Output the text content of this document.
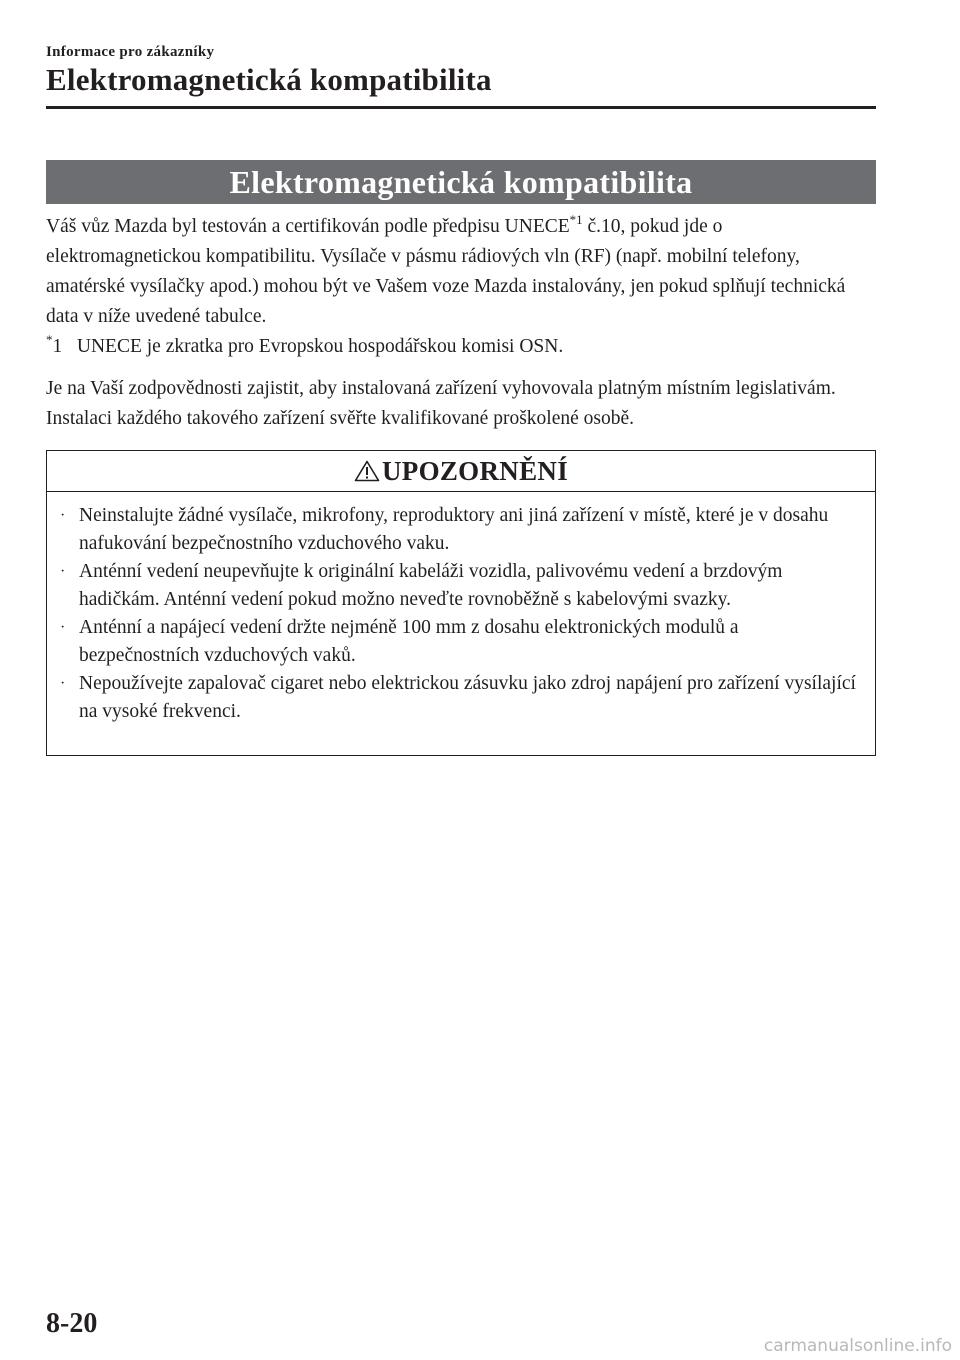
Informace pro zákazníky
Elektromagnetická kompatibilita
Elektromagnetická kompatibilita

Váš vůz Mazda byl testován a certifikován podle předpisu UNECE$^{*1}$ č.10, pokud jde o elektromagnetickou kompatibilitu. Vysílače v pásmu rádiových vln (RF) (např. mobilní telefony, amatérské vysílačky apod.) mohou být ve Vašem voze Mazda instalovány, jen pokud splňují technická data v níže uvedené tabulce.

*1   UNECE je zkratka pro Evropskou hospodářskou komisi OSN.

Je na Vaší zodpovědnosti zajistit, aby instalovaná zařízení vyhovovala platným místním legislativám. Instalaci každého takového zařízení svěřte kvalifikované proškolené osobě.

UPOZORNĚNÍ
· Neinstalujte žádné vysílače, mikrofony, reproduktory ani jiná zařízení v místě, které je v dosahu nafukování bezpečnostního vzduchového vaku.
· Anténní vedení neupevňujte k originální kabeláži vozidla, palivovému vedení a brzdovým hadičkám. Anténní vedení pokud možno neveďte rovnoběžně s kabelovými svazky.
· Anténní a napájecí vedení držte nejméně 100 mm z dosahu elektronických modulů a bezpečnostních vzduchových vaků.
· Nepoužívejte zapalovač cigaret nebo elektrickou zásuvku jako zdroj napájení pro zařízení vysílající na vysoké frekvenci.
8-20
carmanualsonline.info
